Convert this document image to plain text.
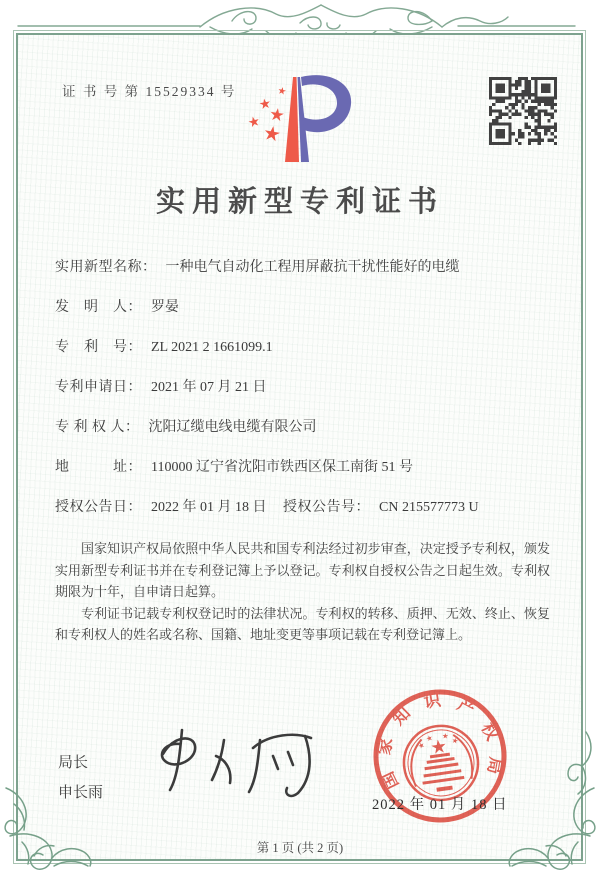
证 书 号 第 15529334 号
实用新型专利证书
实用新型名称： 一种电气自动化工程用屏蔽抗干扰性能好的电缆
发　明　人： 罗晏
专　利　号： ZL 2021 2 1661099.1
专利申请日： 2021 年 07 月 21 日
专 利 权 人： 沈阳辽缆电线电缆有限公司
地　　　址： 110000 辽宁省沈阳市铁西区保工南街 51 号
授权公告日： 2022 年 01 月 18 日 授权公告号： CN 215577773 U

国家知识产权局依照中华人民共和国专利法经过初步审查，决定授予专利权，颁发实用新型专利证书并在专利登记簿上予以登记。专利权自授权公告之日起生效。专利权期限为十年，自申请日起算。

专利证书记载专利权登记时的法律状况。专利权的转移、质押、无效、终止、恢复和专利权人的姓名或名称、国籍、地址变更等事项记载在专利登记簿上。

局长
申长雨
国
家
知
识 产
权
局
2022 年 01 月 18 日
第 1 页 (共 2 页)
